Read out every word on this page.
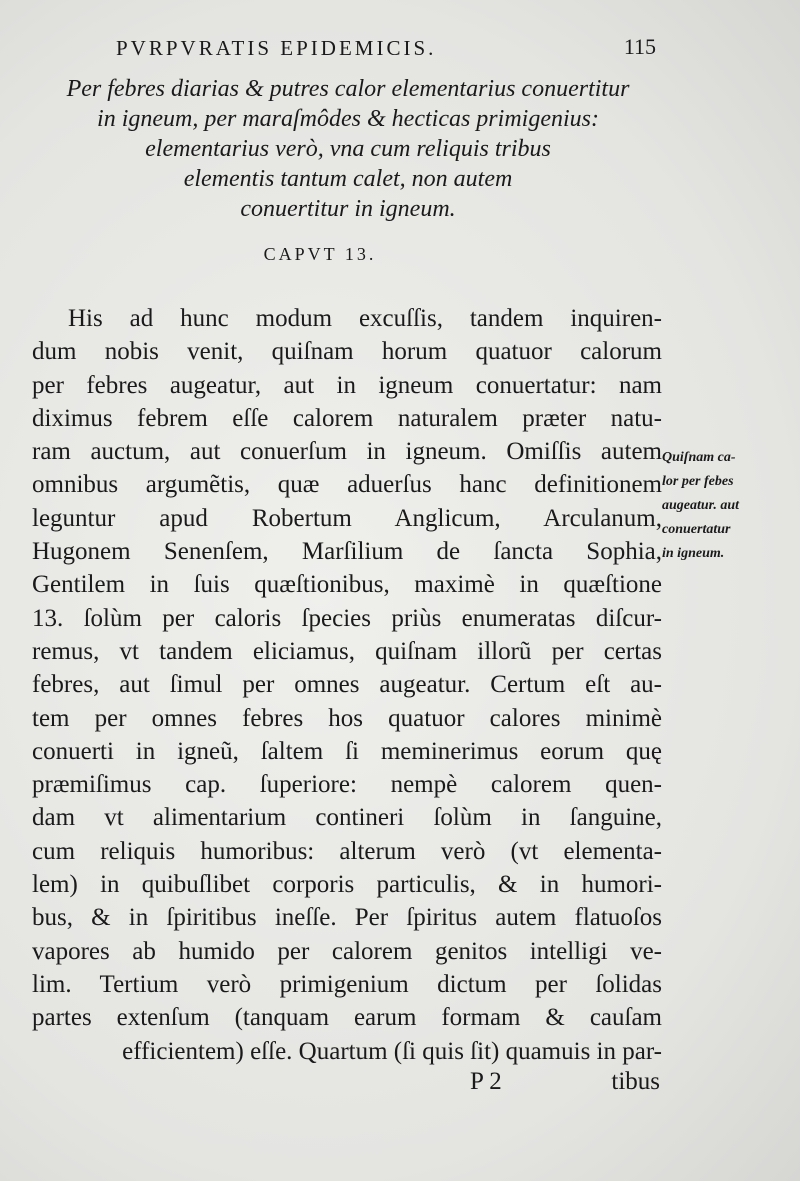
PVRPVRATIS EPIDEMICIS.	115
Per febres diarias & putres calor elementarius conuertitur
in igneum, per maraſmôdes & hecticas primigenius:
elementarius verò, vna cum reliquis tribus
elementis tantum calet, non autem
conuertitur in igneum.
CAPVT 13.
His ad hunc modum excuſſis, tandem inquiren-
dum nobis venit, quiſnam horum quatuor calorum
per febres augeatur, aut in igneum conuertatur: nam
diximus febrem eſſe calorem naturalem præter natu-
ram auctum, aut conuerſum in igneum. Omiſſis autem
omnibus argumẽtis, quæ aduerſus hanc definitionem
leguntur apud Robertum Anglicum, Arculanum,
Hugonem Senenſem, Marſilium de ſancta Sophia,
Gentilem in ſuis quæſtionibus, maximè in quæſtione
13. ſolùm per caloris ſpecies priùs enumeratas diſcur-
remus, vt tandem eliciamus, quiſnam illorũ per certas
febres, aut ſimul per omnes augeatur. Certum eſt au-
tem per omnes febres hos quatuor calores minimè
conuerti in igneũ, ſaltem ſi meminerimus eorum quę
præmiſimus cap. ſuperiore: nempè calorem quen-
dam vt alimentarium contineri ſolùm in ſanguine,
cum reliquis humoribus: alterum verò (vt elementa-
lem) in quibuſlibet corporis particulis, & in humori-
bus, & in ſpiritibus ineſſe. Per ſpiritus autem flatuoſos
vapores ab humido per calorem genitos intelligi ve-
lim. Tertium verò primigenium dictum per ſolidas
partes extenſum (tanquam earum formam & cauſam
efficientem) eſſe. Quartum (ſi quis ſit) quamuis in par-
Quiſnam ca-
lor per febes
augeatur. aut
conuertatur
in igneum.
P 2	tibus
